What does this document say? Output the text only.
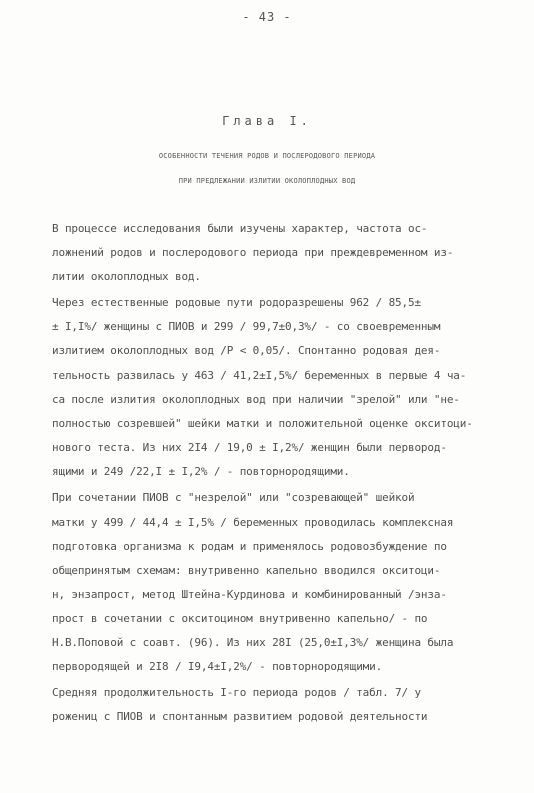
- 43 -
Глава I.
ОСОБЕННОСТИ ТЕЧЕНИЯ РОДОВ И ПОСЛЕРОДОВОГО ПЕРИОДА
ПРИ ПРЕДЛЕЖАНИИ ИЗЛИТИИ ОКОЛОПЛОДНЫХ ВОД
В процессе исследования были изучены характер, частота ос-
ложнений родов и послеродового периода при преждевременном из-
литии околоплодных вод.
Через естественные родовые пути родоразрешены 962 / 85,5±
± I,I%/ женщины с ПИОВ и 299 / 99,7±0,3%/ - со своевременным
излитием околоплодных вод /Р < 0,05/. Спонтанно родовая дея-
тельность развилась у 463 / 41,2±I,5%/ беременных в первые 4 ча-
са после излития околоплодных вод при наличии "зрелой" или "не-
полностью созревшей" шейки матки и положительной оценке окситоци-
нового теста. Из них 2I4 / 19,0 ± I,2%/ женщин были первород-
ящими и 249 /22,I ± I,2% / - повторнородящими.
При сочетании ПИОВ с "незрелой" или "созревающей" шейкой
матки у 499 / 44,4 ± I,5% / беременных проводилась комплексная
подготовка организма к родам и применялось родовозбуждение по
общепринятым схемам: внутривенно капельно вводился окситоци-
н, энзапрост, метод Штейна-Курдинова и комбинированный /энза-
прост в сочетании с окситоцином внутривенно капельно/ - по
Н.В.Поповой с соавт. (96). Из них 28I (25,0±I,3%/ женщина была
первородящей и 2I8 / I9,4±I,2%/ - повторнородящими.
Средняя продолжительность I-го периода родов / табл. 7/ у
рожениц с ПИОВ и спонтанным развитием родовой деятельности
